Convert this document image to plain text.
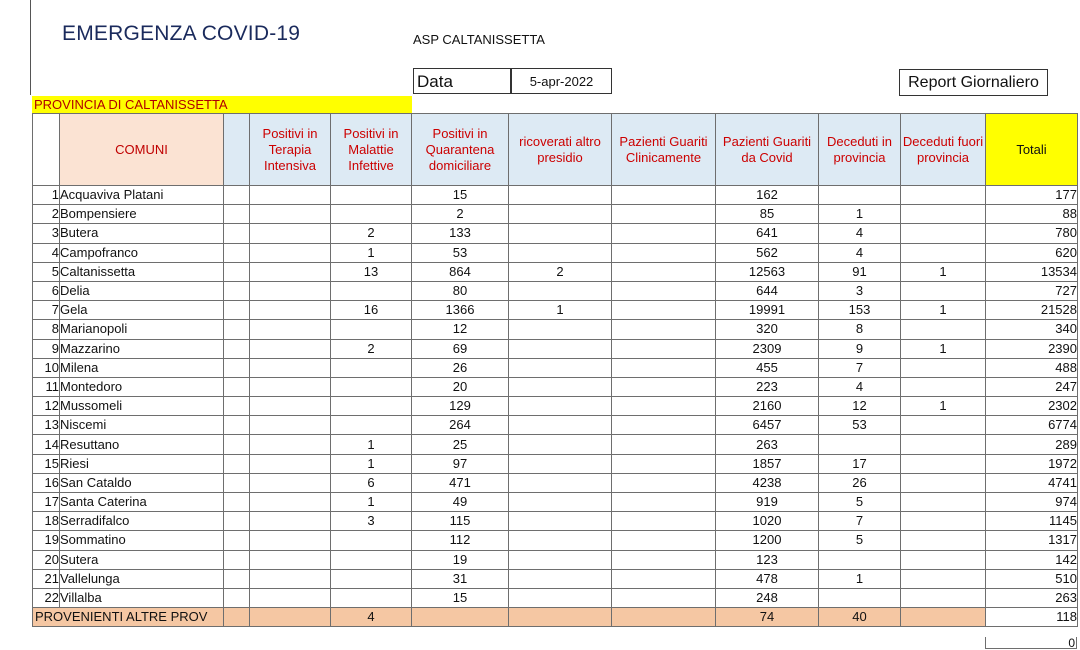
EMERGENZA COVID-19	ASP CALTANISSETTA
Data	5-apr-2022	Report Giornaliero
PROVINCIA DI CALTANISSETTA
	COMUNI		Positivi in Terapia Intensiva	Positivi in Malattie Infettive	Positivi in Quarantena domiciliare	ricoverati altro presidio	Pazienti Guariti Clinicamente	Pazienti Guariti da Covid	Deceduti in provincia	Deceduti fuori provincia	Totali
1	Acquaviva Platani				15			162			177
2	Bompensiere				2			85	1		88
3	Butera			2	133			641	4		780
4	Campofranco			1	53			562	4		620
5	Caltanissetta			13	864	2		12563	91	1	13534
6	Delia				80			644	3		727
7	Gela			16	1366	1		19991	153	1	21528
8	Marianopoli				12			320	8		340
9	Mazzarino			2	69			2309	9	1	2390
10	Milena				26			455	7		488
11	Montedoro				20			223	4		247
12	Mussomeli				129			2160	12	1	2302
13	Niscemi				264			6457	53		6774
14	Resuttano			1	25			263			289
15	Riesi			1	97			1857	17		1972
16	San Cataldo			6	471			4238	26		4741
17	Santa Caterina			1	49			919	5		974
18	Serradifalco			3	115			1020	7		1145
19	Sommatino				112			1200	5		1317
20	Sutera				19			123			142
21	Vallelunga				31			478	1		510
22	Villalba				15			248			263
PROVENIENTI ALTRE PROV				4				74	40		118
0
